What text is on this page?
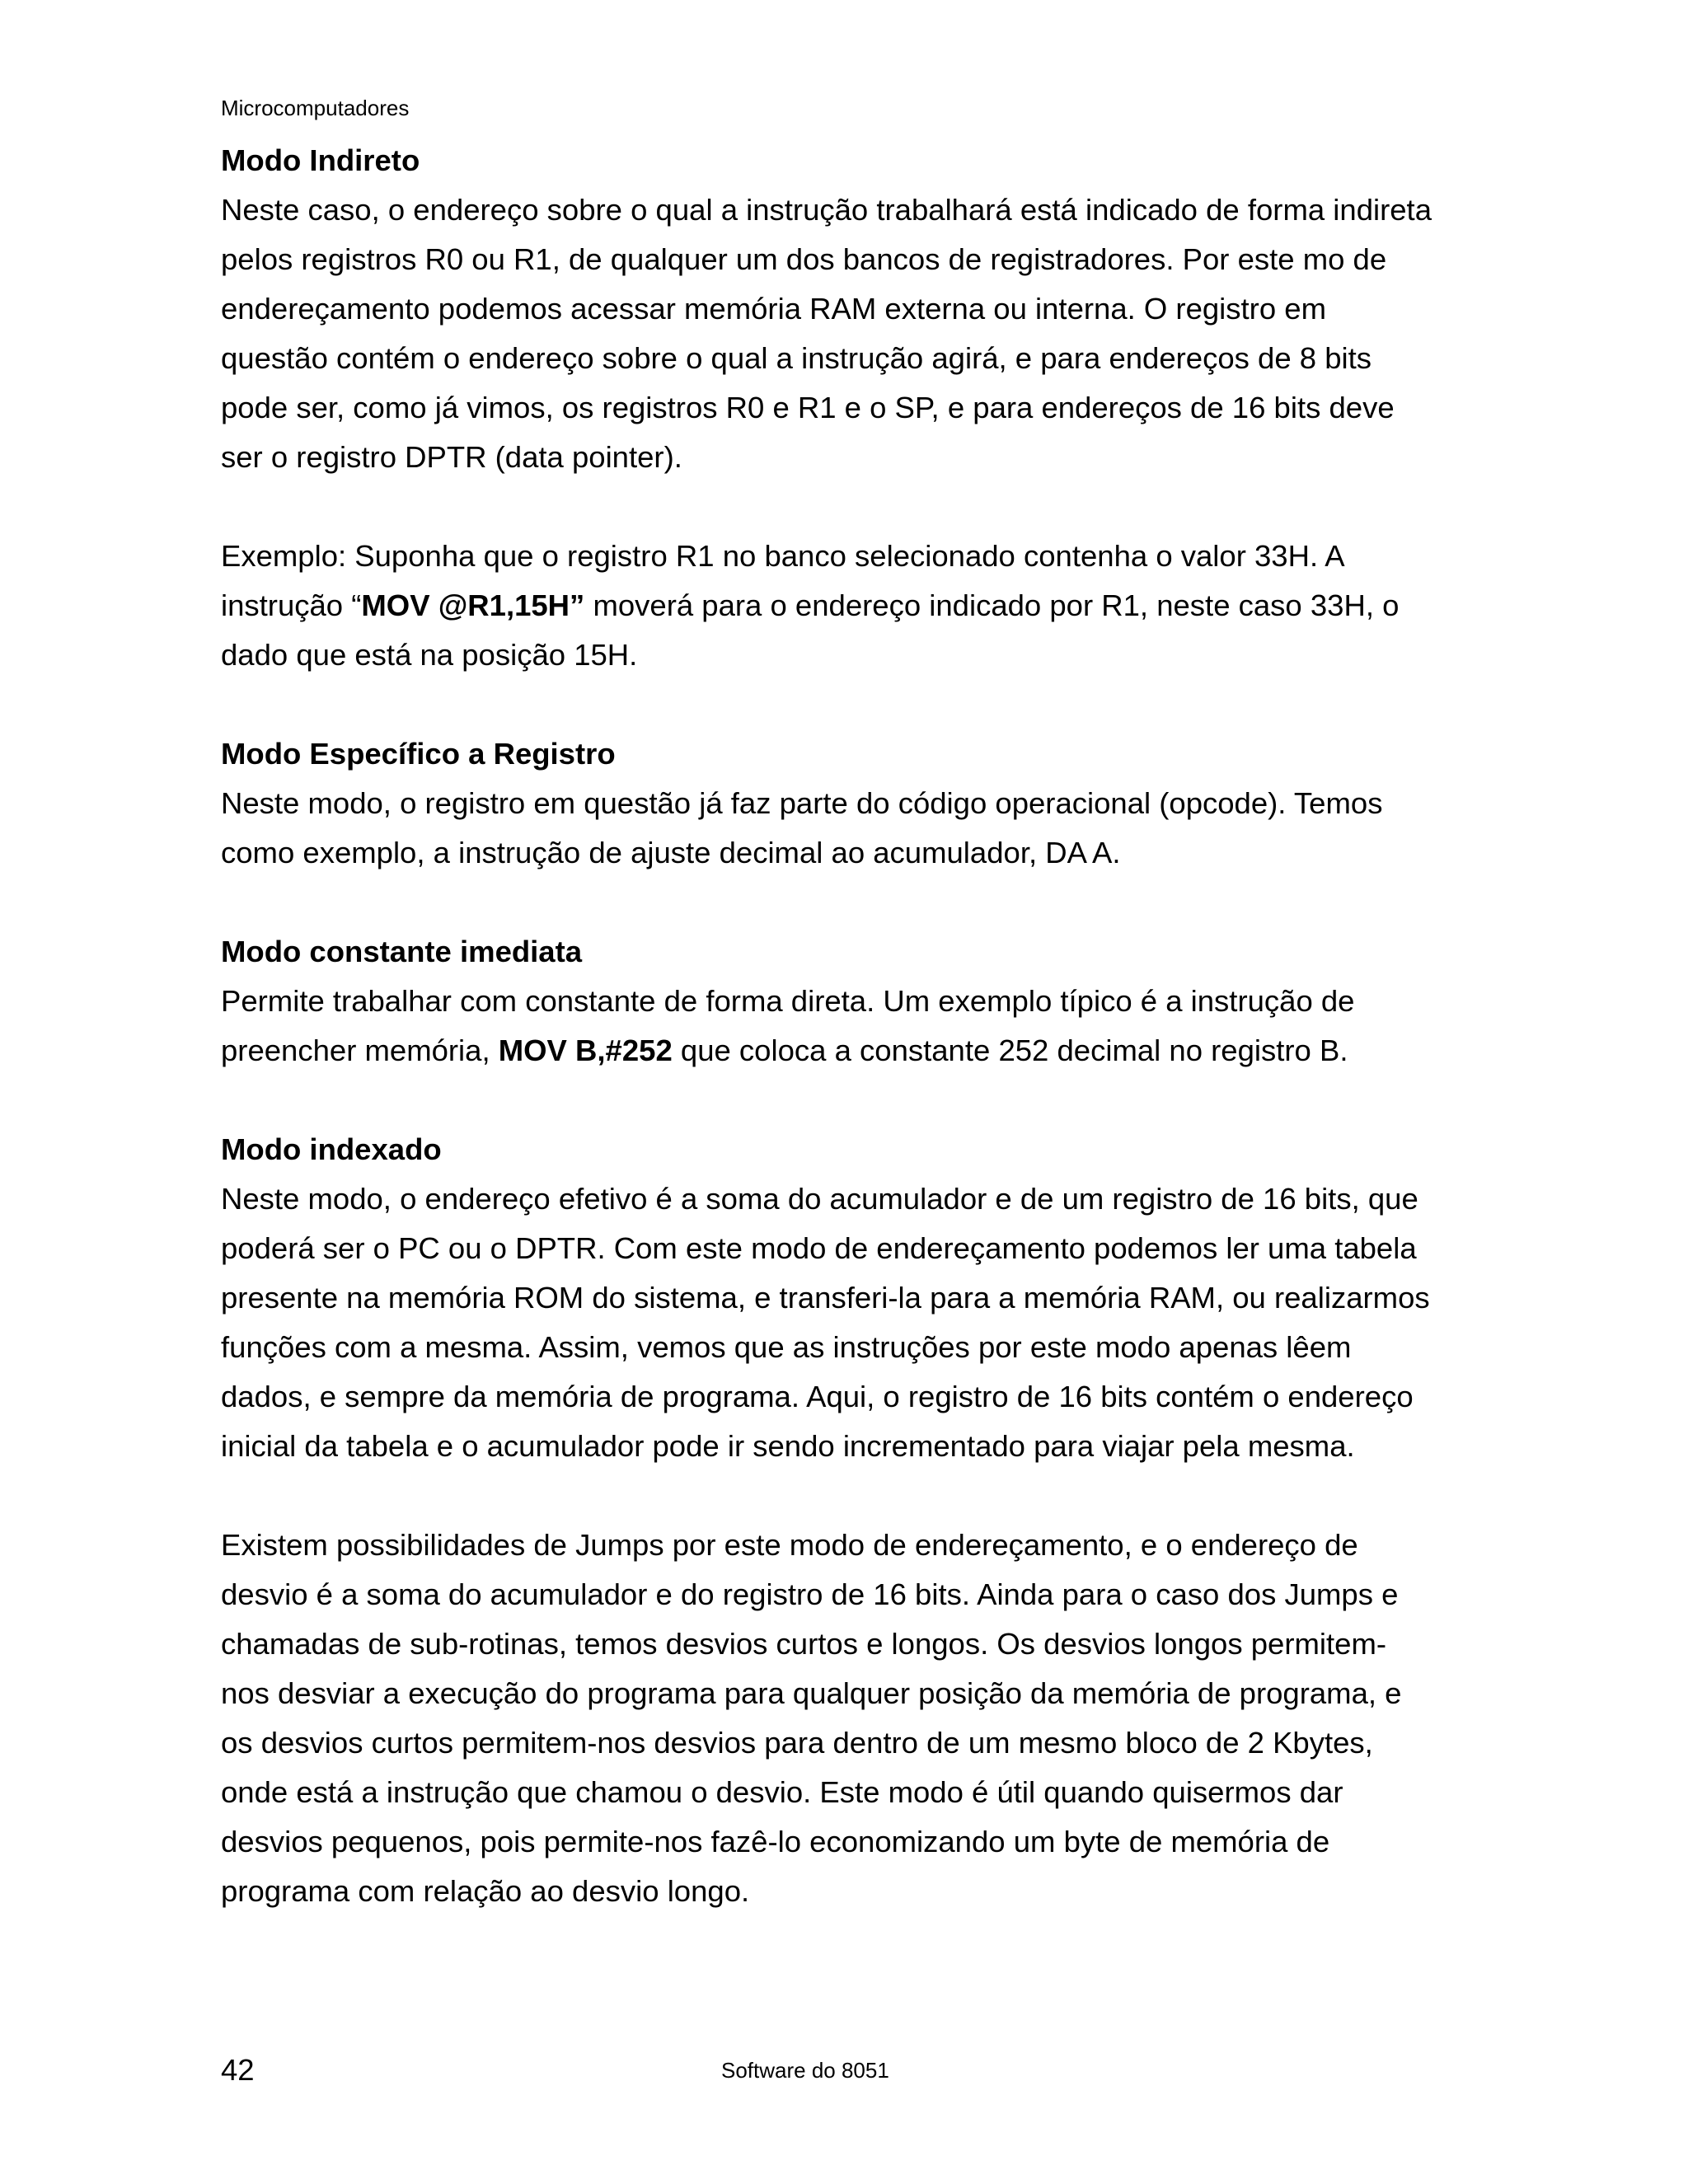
Microcomputadores
Modo Indireto

Neste caso, o endereço sobre o qual a instrução trabalhará está indicado de forma indireta pelos registros R0 ou R1, de qualquer um dos bancos de registradores. Por este mo de endereçamento podemos acessar memória RAM externa ou interna. O registro em questão contém o endereço sobre o qual a instrução agirá, e para endereços de 8 bits pode ser, como já vimos, os registros R0 e R1 e o SP, e para endereços de 16 bits deve ser o registro DPTR (data pointer).

Exemplo: Suponha que o registro R1 no banco selecionado contenha o valor 33H. A instrução “MOV @R1,15H” moverá para o endereço indicado por R1, neste caso 33H, o dado que está na posição 15H.

Modo Específico a Registro

Neste modo, o registro em questão já faz parte do código operacional (opcode). Temos como exemplo, a instrução de ajuste decimal ao acumulador, DA A.

Modo constante imediata

Permite trabalhar com constante de forma direta. Um exemplo típico é a instrução de preencher memória, MOV B,#252 que coloca a constante 252 decimal no registro B.

Modo indexado

Neste modo, o endereço efetivo é a soma do acumulador e de um registro de 16 bits, que poderá ser o PC ou o DPTR. Com este modo de endereçamento podemos ler uma tabela presente na memória ROM do sistema, e transferi-la para a memória RAM, ou realizarmos funções com a mesma. Assim, vemos que as instruções por este modo apenas lêem dados, e sempre da memória de programa. Aqui, o registro de 16 bits contém o endereço inicial da tabela e o acumulador pode ir sendo incrementado para viajar pela mesma.

Existem possibilidades de Jumps por este modo de endereçamento, e o endereço de desvio é a soma do acumulador e do registro de 16 bits. Ainda para o caso dos Jumps e chamadas de sub-rotinas, temos desvios curtos e longos. Os desvios longos permitem-nos desviar a execução do programa para qualquer posição da memória de programa, e os desvios curtos permitem-nos desvios para dentro de um mesmo bloco de 2 Kbytes, onde está a instrução que chamou o desvio. Este modo é útil quando quisermos dar desvios pequenos, pois permite-nos fazê-lo economizando um byte de memória de programa com relação ao desvio longo.

42	Software do 8051
